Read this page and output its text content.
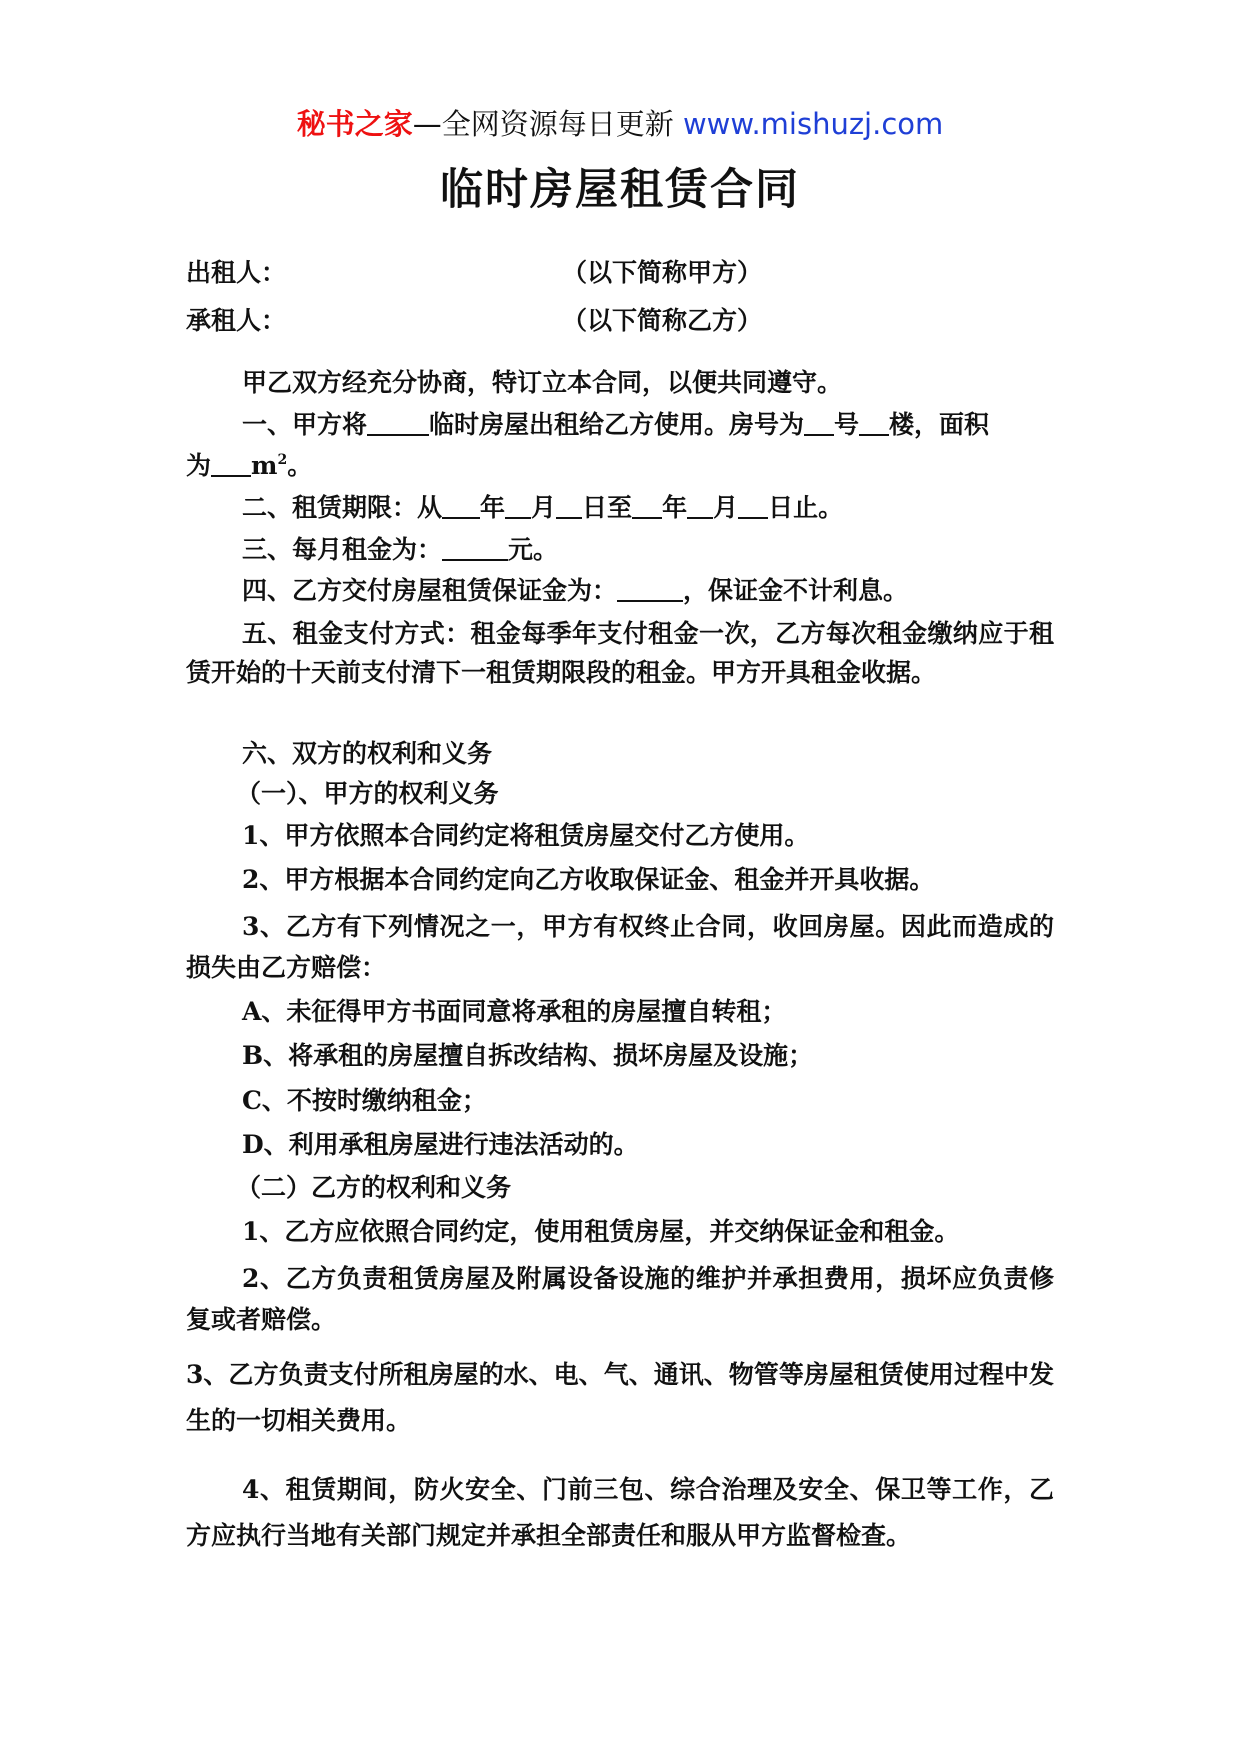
秘书之家—全网资源每日更新 www.mishuzj.com
临时房屋租赁合同
出租人：	（以下简称甲方）
承租人：	（以下简称乙方）
甲乙双方经充分协商，特订立本合同，以便共同遵守。
一、甲方将 临时房屋出租给乙方使用。房号为 号 楼，面积
为 $m^2$。
二、租赁期限：从 年 月 日至 年 月 日止。
三、每月租金为：	元。
四、乙方交付房屋租赁保证金为：	，保证金不计利息。
五、租金支付方式：租金每季年支付租金一次，乙方每次租金缴纳应于租赁开始的十天前支付清下一租赁期限段的租金。甲方开具租金收据。
六、双方的权利和义务
（一）、甲方的权利义务
1、甲方依照本合同约定将租赁房屋交付乙方使用。
2、甲方根据本合同约定向乙方收取保证金、租金并开具收据。
3、乙方有下列情况之一，甲方有权终止合同，收回房屋。因此而造成的损失由乙方赔偿：
A、未征得甲方书面同意将承租的房屋擅自转租；
B、将承租的房屋擅自拆改结构、损坏房屋及设施；
C、不按时缴纳租金；
D、利用承租房屋进行违法活动的。
（二）乙方的权利和义务
1、乙方应依照合同约定，使用租赁房屋，并交纳保证金和租金。
2、乙方负责租赁房屋及附属设备设施的维护并承担费用，损坏应负责修复或者赔偿。
3、乙方负责支付所租房屋的水、电、气、通讯、物管等房屋租赁使用过程中发生的一切相关费用。
4、租赁期间，防火安全、门前三包、综合治理及安全、保卫等工作，乙方应执行当地有关部门规定并承担全部责任和服从甲方监督检查。
